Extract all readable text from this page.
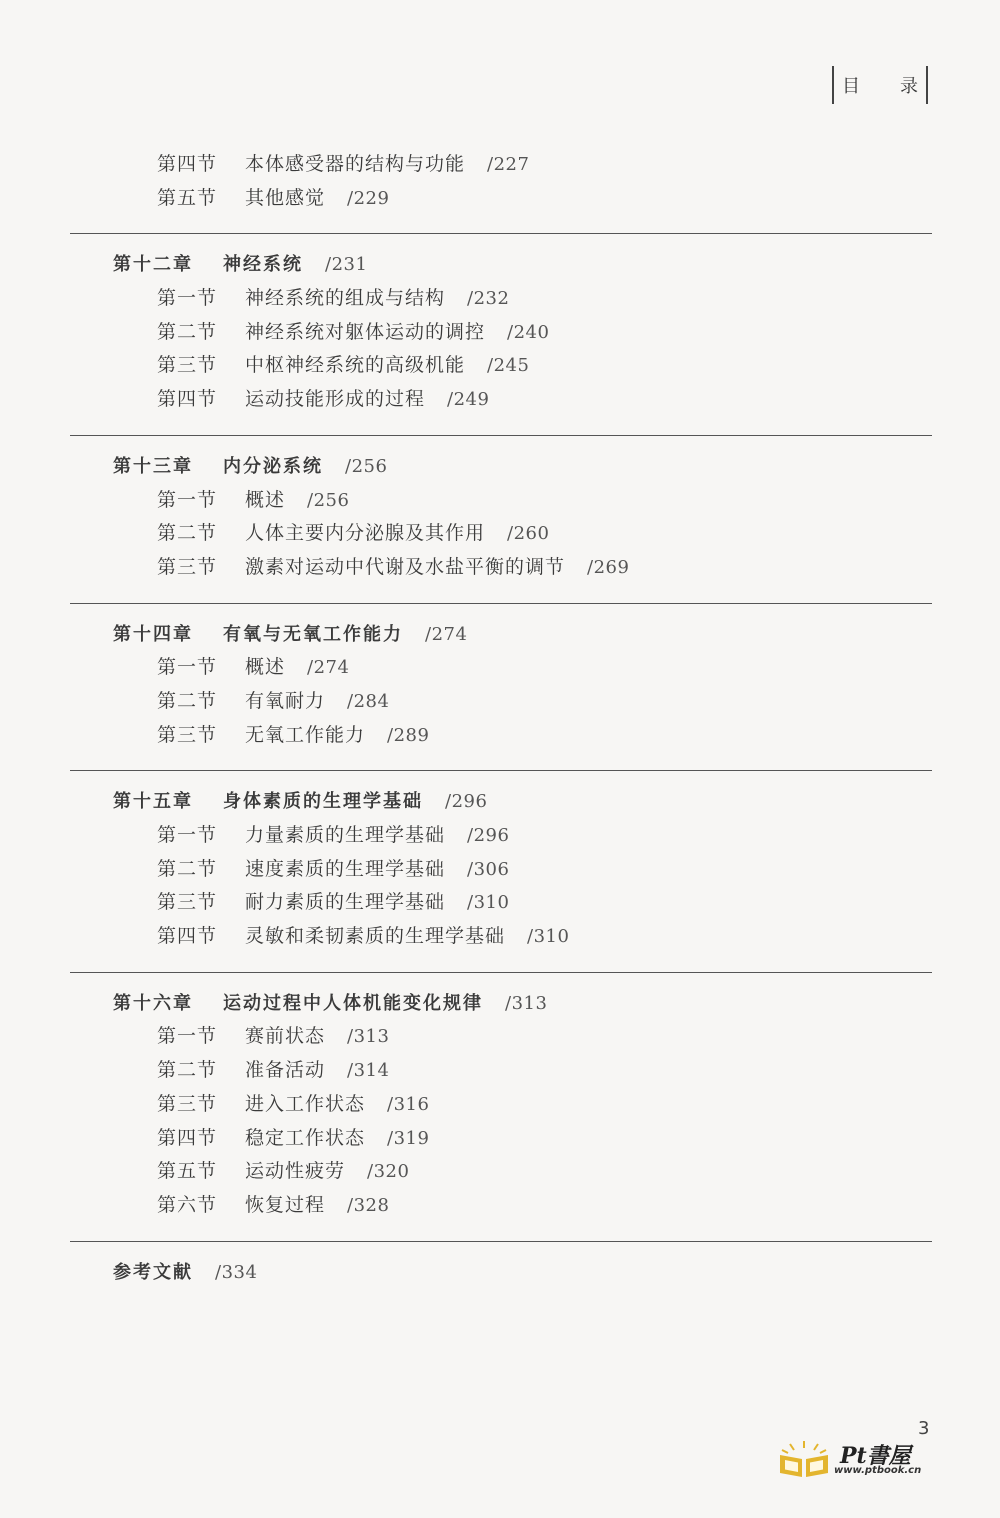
目 录
第四节 本体感受器的结构与功能 /227
第五节 其他感觉 /229
第十二章 神经系统 /231
第一节 神经系统的组成与结构 /232
第二节 神经系统对躯体运动的调控 /240
第三节 中枢神经系统的高级机能 /245
第四节 运动技能形成的过程 /249
第十三章 内分泌系统 /256
第一节 概述 /256
第二节 人体主要内分泌腺及其作用 /260
第三节 激素对运动中代谢及水盐平衡的调节 /269
第十四章 有氧与无氧工作能力 /274
第一节 概述 /274
第二节 有氧耐力 /284
第三节 无氧工作能力 /289
第十五章 身体素质的生理学基础 /296
第一节 力量素质的生理学基础 /296
第二节 速度素质的生理学基础 /306
第三节 耐力素质的生理学基础 /310
第四节 灵敏和柔韧素质的生理学基础 /310
第十六章 运动过程中人体机能变化规律 /313
第一节 赛前状态 /313
第二节 准备活动 /314
第三节 进入工作状态 /316
第四节 稳定工作状态 /319
第五节 运动性疲劳 /320
第六节 恢复过程 /328
参考文献 /334
3
Pt書屋
www.ptbook.cn
